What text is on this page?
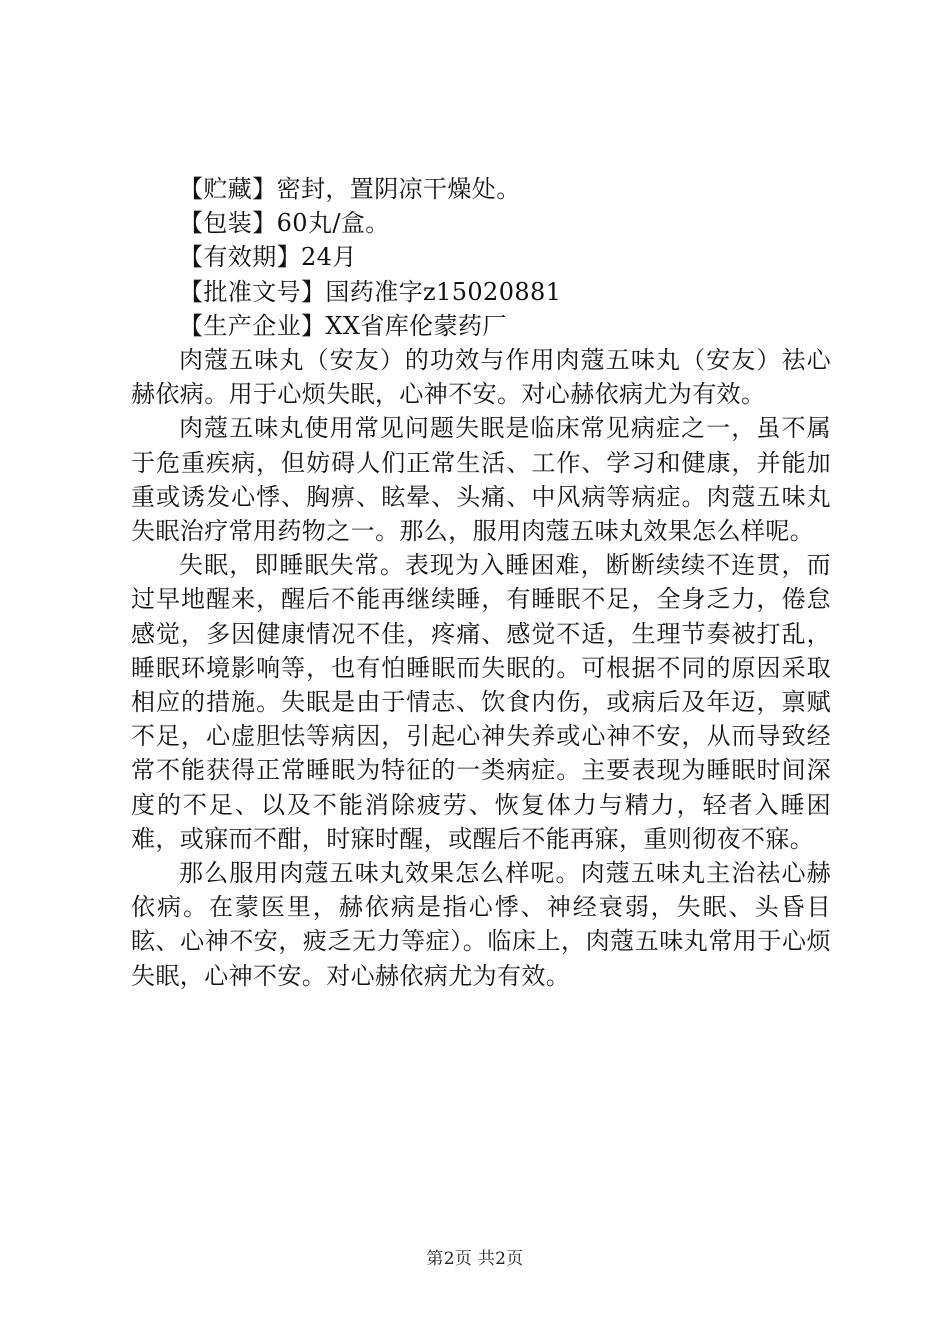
【贮藏】密封，置阴凉干燥处。

【包装】60丸/盒。

【有效期】24月

【批准文号】国药准字z15020881

【生产企业】XX省库伦蒙药厂

肉蔻五味丸（安友）的功效与作用肉蔻五味丸（安友）祛心赫依病。用于心烦失眠，心神不安。对心赫依病尤为有效。

肉蔻五味丸使用常见问题失眠是临床常见病症之一，虽不属于危重疾病，但妨碍人们正常生活、工作、学习和健康，并能加重或诱发心悸、胸痹、眩晕、头痛、中风病等病症。肉蔻五味丸失眠治疗常用药物之一。那么，服用肉蔻五味丸效果怎么样呢。

失眠，即睡眠失常。表现为入睡困难，断断续续不连贯，而过早地醒来，醒后不能再继续睡，有睡眠不足，全身乏力，倦怠感觉，多因健康情况不佳，疼痛、感觉不适，生理节奏被打乱，睡眠环境影响等，也有怕睡眠而失眠的。可根据不同的原因采取相应的措施。失眠是由于情志、饮食内伤，或病后及年迈，禀赋不足，心虚胆怯等病因，引起心神失养或心神不安，从而导致经常不能获得正常睡眠为特征的一类病症。主要表现为睡眠时间深度的不足、以及不能消除疲劳、恢复体力与精力，轻者入睡困难，或寐而不酣，时寐时醒，或醒后不能再寐，重则彻夜不寐。

那么服用肉蔻五味丸效果怎么样呢。肉蔻五味丸主治祛心赫依病。在蒙医里，赫依病是指心悸、神经衰弱，失眠、头昏目眩、心神不安，疲乏无力等症）。临床上，肉蔻五味丸常用于心烦失眠，心神不安。对心赫依病尤为有效。

第2页 共2页
